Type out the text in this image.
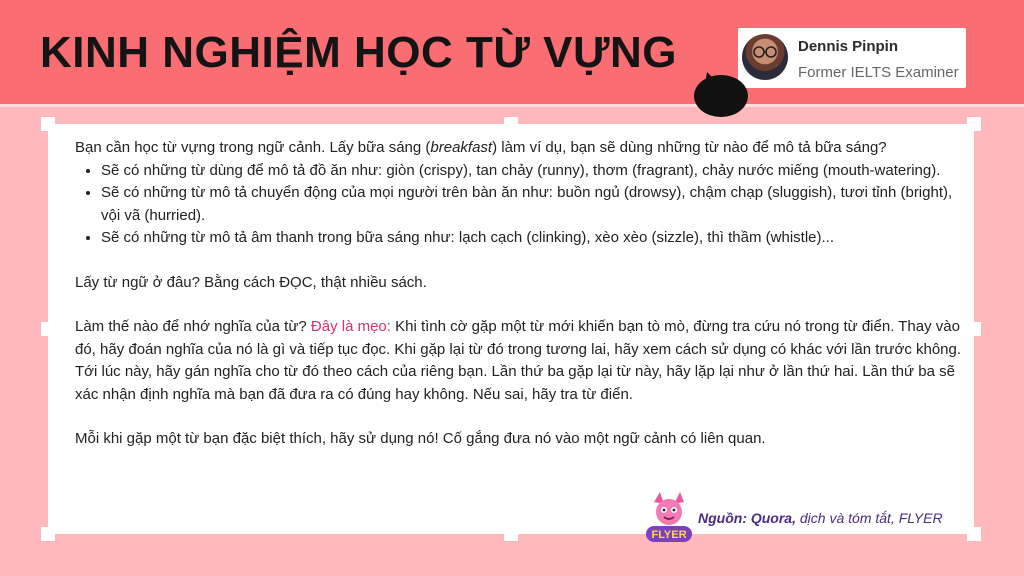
KINH NGHIỆM HỌC TỪ VỰNG	Dennis Pinpin
Former IELTS Examiner

Bạn cần học từ vựng trong ngữ cảnh. Lấy bữa sáng (breakfast) làm ví dụ, bạn sẽ dùng những từ nào để mô tả bữa sáng?

• Sẽ có những từ dùng để mô tả đồ ăn như: giòn (crispy), tan chảy (runny), thơm (fragrant), chảy nước miếng (mouth-watering).
• Sẽ có những từ mô tả chuyển động của mọi người trên bàn ăn như: buồn ngủ (drowsy), chậm chạp (sluggish), tươi tỉnh (bright), vội vã (hurried).
• Sẽ có những từ mô tả âm thanh trong bữa sáng như: lạch cạch (clinking), xèo xèo (sizzle), thì thầm (whistle)...

Lấy từ ngữ ở đâu? Bằng cách ĐỌC, thật nhiều sách.

Làm thế nào để nhớ nghĩa của từ? Đây là mẹo: Khi tình cờ gặp một từ mới khiến bạn tò mò, đừng tra cứu nó trong từ điển. Thay vào đó, hãy đoán nghĩa của nó là gì và tiếp tục đọc. Khi gặp lại từ đó trong tương lai, hãy xem cách sử dụng có khác với lần trước không. Tới lúc này, hãy gán nghĩa cho từ đó theo cách của riêng bạn. Lần thứ ba gặp lại từ này, hãy lặp lại như ở lần thứ hai. Lần thứ ba sẽ xác nhận định nghĩa mà bạn đã đưa ra có đúng hay không. Nếu sai, hãy tra từ điển.

Mỗi khi gặp một từ bạn đặc biệt thích, hãy sử dụng nó! Cố gắng đưa nó vào một ngữ cảnh có liên quan.

FLYER
Nguồn: Quora, dịch và tóm tắt, FLYER
